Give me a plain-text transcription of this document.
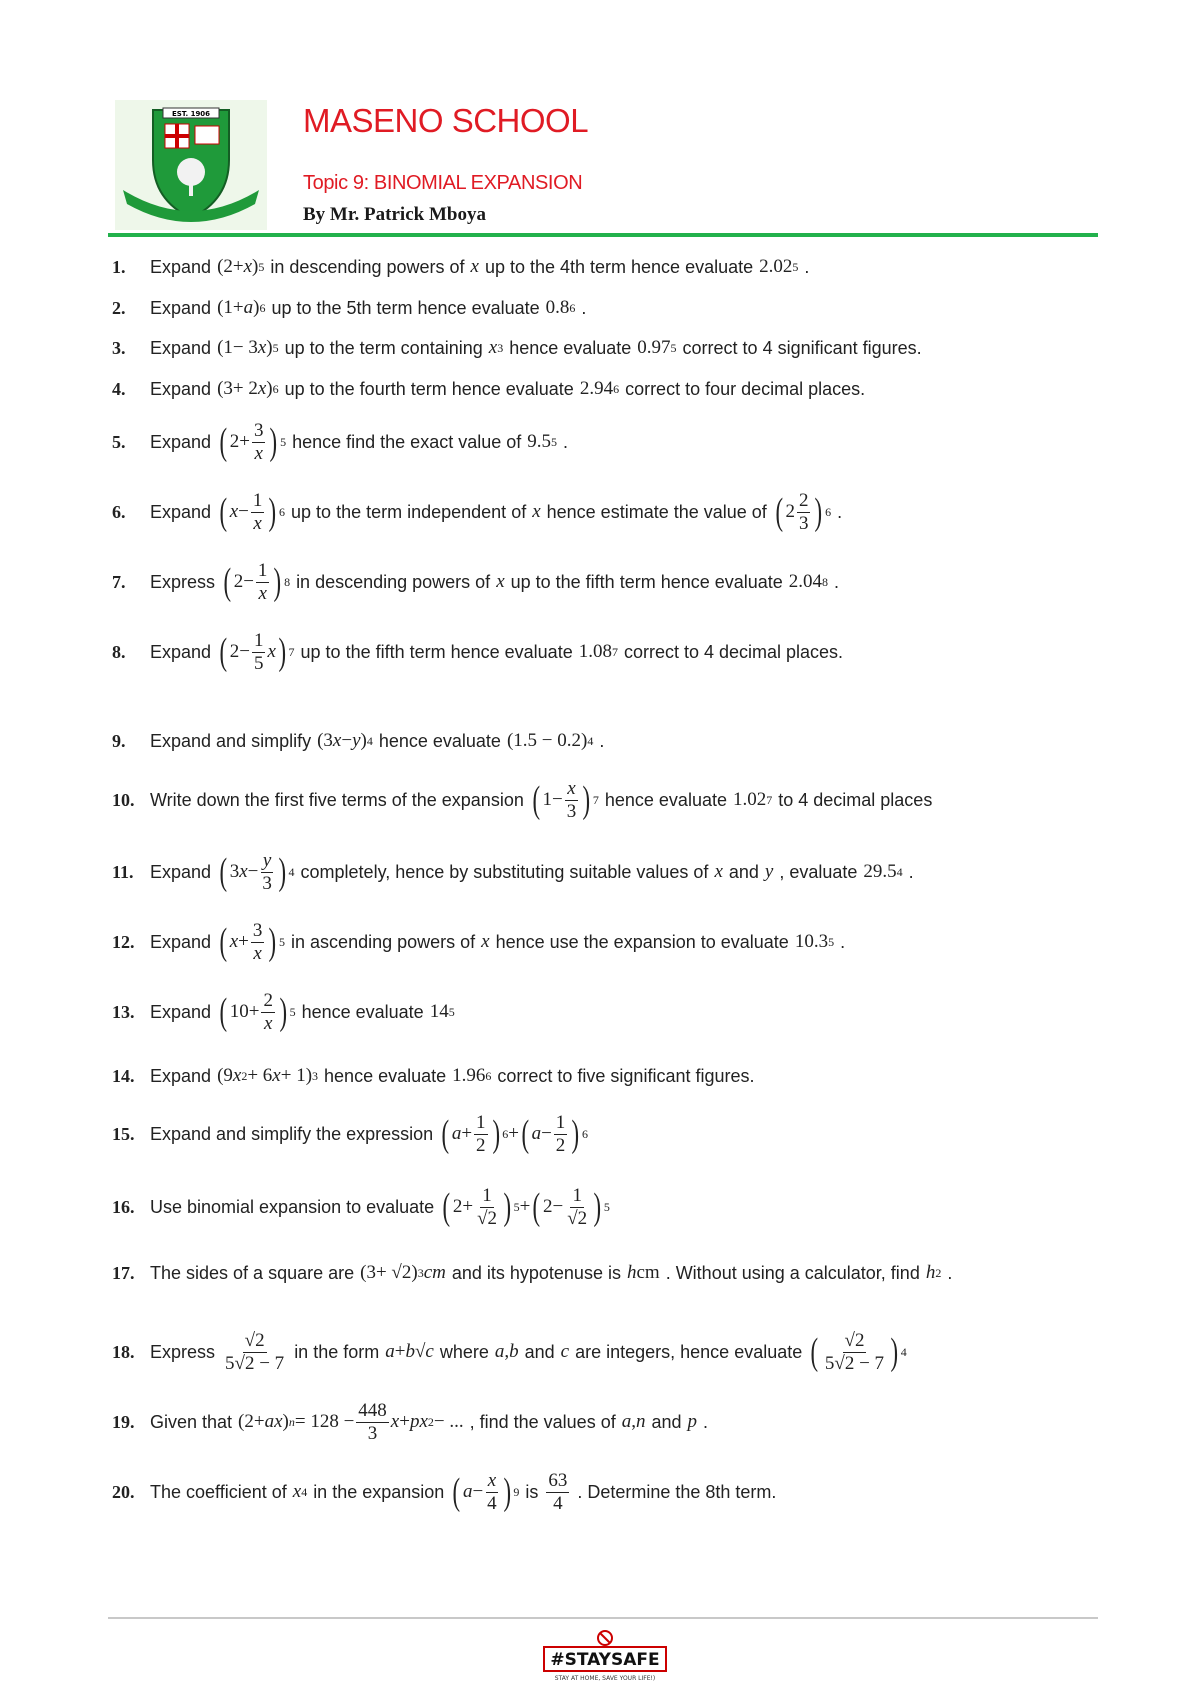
EST. 1906	MASENO SCHOOL
Topic 9: BINOMIAL EXPANSION
By Mr. Patrick Mboya
1.	Expand (2+ x ) 5 in descending powers of x up to the 4th term hence evaluate 2.02 5 .
2.	Expand (1+ a ) 6 up to the 5th term hence evaluate 0.8 6 .
3.	Expand (1− 3 x ) 5 up to the term containing x 3 hence evaluate 0.97 5 correct to 4 significant figures.
4.	Expand (3+ 2 x ) 6 up to the fourth term hence evaluate 2.94 6 correct to four decimal places.
5.	Expand ( $2+ \frac{3}{x}$ ) 5 hence find the exact value of 9.5 5 .
6.	Expand ( $x - \frac{1}{x}$ ) 6 up to the term independent of x hence estimate the value of ( $2 \frac{2}{3}$ ) 6 .
7.	Express ( $2- \frac{1}{x}$ ) 8 in descending powers of x up to the fifth term hence evaluate 2.04 8 .
8.	Expand ( $2- \frac{1}{5}$ x ) 7 up to the fifth term hence evaluate 1.08 7 correct to 4 decimal places.
9.	Expand and simplify (3 x − y ) 4 hence evaluate (1.5 − 0.2) 4 .
10. Write down the first five terms of the expansion ( $1- \frac{x}{3}$ ) 7 hence evaluate 1.02 7 to 4 decimal places
11. Expand ( 3 $x - \frac{y}{3}$ ) 4 completely, hence by substituting suitable values of x and y , evaluate 29.5 4 .
12. Expand ( $x + \frac{3}{x}$ ) 5 in ascending powers of x hence use the expansion to evaluate 10.3 5 .
13. Expand ( $10+ \frac{2}{x}$ ) 5 hence evaluate 14 5
14. Expand (9 x 2 + 6 x + 1) 3 hence evaluate 1.96 6 correct to five significant figures.
15. Expand and simplify the expression ( $a + \frac{1}{2}$ ) 6 + ( $a - \frac{1}{2}$ ) 6
16. Use binomial expansion to evaluate ( $2+ \frac{1}{√2}$ ) 5 + ( $2- \frac{1}{√2}$ ) 5
17. The sides of a square are (3+ √2) 3 cm and its hypotenuse is h cm . Without using a calculator, find h 2 .
18. Express $\frac{√2}{5√2 - 7}$ in the form a + b √ c where a , b and c are integers, hence evaluate ( $\frac{√2}{5√2 - 7}$ ) 4
19. Given that (2+ ax ) $n = 128 - \frac{448}{3}$ x + px 2 − ... , find the values of a , n and p .
20. The coefficient of x 4 in the expansion ( $a - \frac{x}{4}$ ) 9 is $\frac{63}{4}$ . Determine the 8th term.
#STAYSAFE
STAY AT HOME, SAVE YOUR LIFE!)
